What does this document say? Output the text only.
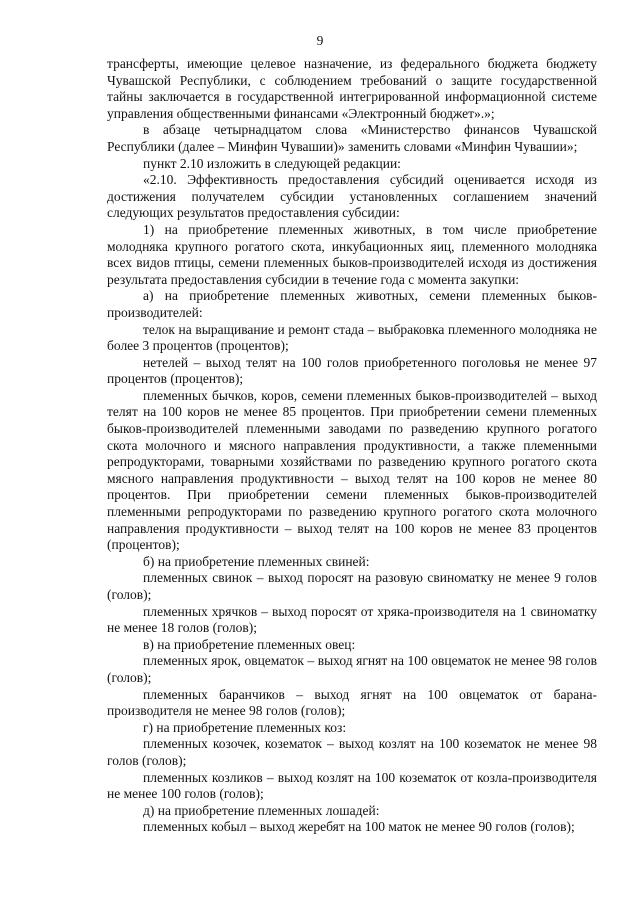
9

трансферты, имеющие целевое назначение, из федерального бюджета бюджету Чувашской Республики, с соблюдением требований о защите государственной тайны заключается в государственной интегрированной информационной системе управления общественными финансами «Электронный бюджет».»;

в абзаце четырнадцатом слова «Министерство финансов Чувашской Республики (далее – Минфин Чувашии)» заменить словами «Минфин Чувашии»;

пункт 2.10 изложить в следующей редакции:

«2.10. Эффективность предоставления субсидий оценивается исходя из достижения получателем субсидии установленных соглашением значений следующих результатов предоставления субсидии:

1) на приобретение племенных животных, в том числе приобретение молодняка крупного рогатого скота, инкубационных яиц, племенного молодняка всех видов птицы, семени племенных быков-производителей исходя из достижения результата предоставления субсидии в течение года с момента закупки:

а) на приобретение племенных животных, семени племенных быков-производителей:

телок на выращивание и ремонт стада – выбраковка племенного молодняка не более 3 процентов (процентов);

нетелей – выход телят на 100 голов приобретенного поголовья не менее 97 процентов (процентов);

племенных бычков, коров, семени племенных быков-производителей – выход телят на 100 коров не менее 85 процентов. При приобретении семени племенных быков-производителей племенными заводами по разведению крупного рогатого скота молочного и мясного направления продуктивности, а также племенными репродукторами, товарными хозяйствами по разведению крупного рогатого скота мясного направления продуктивности – выход телят на 100 коров не менее 80 процентов. При приобретении семени племенных быков-производителей племенными репродукторами по разведению крупного рогатого скота молочного направления продуктивности – выход телят на 100 коров не менее 83 процентов (процентов);

б) на приобретение племенных свиней:

племенных свинок – выход поросят на разовую свиноматку не менее 9 голов (голов);

племенных хрячков – выход поросят от хряка-производителя на 1 свиноматку не менее 18 голов (голов);

в) на приобретение племенных овец:

племенных ярок, овцематок – выход ягнят на 100 овцематок не менее 98 голов (голов);

племенных баранчиков – выход ягнят на 100 овцематок от барана-производителя не менее 98 голов (голов);

г) на приобретение племенных коз:

племенных козочек, козематок – выход козлят на 100 козематок не менее 98 голов (голов);

племенных козликов – выход козлят на 100 козематок от козла-производителя не менее 100 голов (голов);

д) на приобретение племенных лошадей:

племенных кобыл – выход жеребят на 100 маток не менее 90 голов (голов);
